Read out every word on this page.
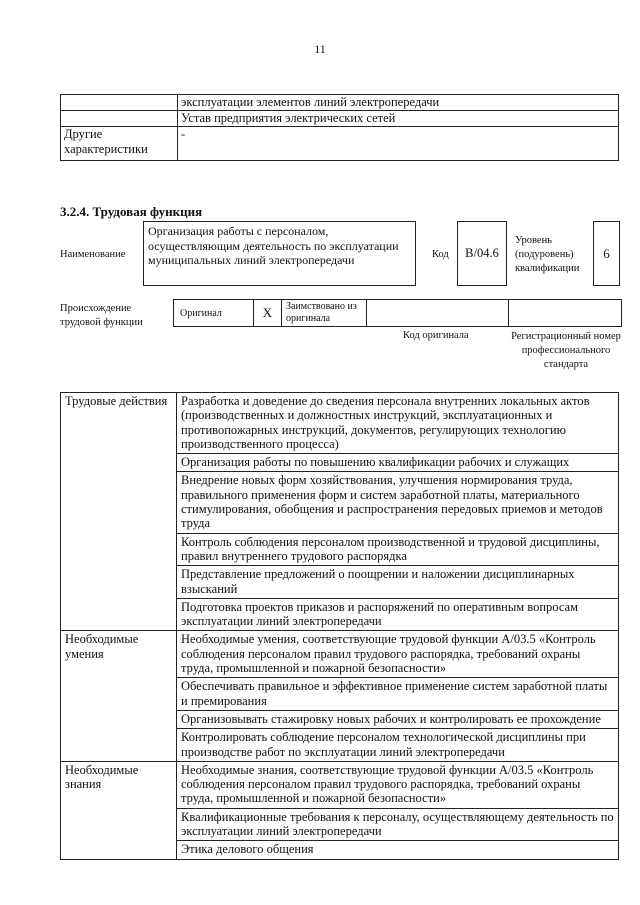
11
	эксплуатации элементов линий электропередачи
	Устав предприятия электрических сетей
Другие характеристики	-
3.2.4. Трудовая функция
Наименование
Организация работы с персоналом, осуществляющим деятельность по эксплуатации муниципальных линий электропередачи	Код	B/04.6
Уровень (подуровень) квалификации
6
Происхождение трудовой функции
Оригинал	X	Заимствовано из оригинала
Код оригинала	Регистрационный номер профессионального стандарта
Трудовые действия	Разработка и доведение до сведения персонала внутренних локальных актов (производственных и должностных инструкций, эксплуатационных и противопожарных инструкций, документов, регулирующих технологию производственного процесса)
	Организация работы по повышению квалификации рабочих и служащих
	Внедрение новых форм хозяйствования, улучшения нормирования труда, правильного применения форм и систем заработной платы, материального стимулирования, обобщения и распространения передовых приемов и методов труда
	Контроль соблюдения персоналом производственной и трудовой дисциплины, правил внутреннего трудового распорядка
	Представление предложений о поощрении и наложении дисциплинарных взысканий
	Подготовка проектов приказов и распоряжений по оперативным вопросам эксплуатации линий электропередачи
Необходимые умения	Необходимые умения, соответствующие трудовой функции А/03.5 «Контроль соблюдения персоналом правил трудового распорядка, требований охраны труда, промышленной и пожарной безопасности»
	Обеспечивать правильное и эффективное применение систем заработной платы и премирования
	Организовывать стажировку новых рабочих и контролировать ее прохождение
	Контролировать соблюдение персоналом технологической дисциплины при производстве работ по эксплуатации линий электропередачи
Необходимые знания	Необходимые знания, соответствующие трудовой функции А/03.5 «Контроль соблюдения персоналом правил трудового распорядка, требований охраны труда, промышленной и пожарной безопасности»
	Квалификационные требования к персоналу, осуществляющему деятельность по эксплуатации линий электропередачи
	Этика делового общения
